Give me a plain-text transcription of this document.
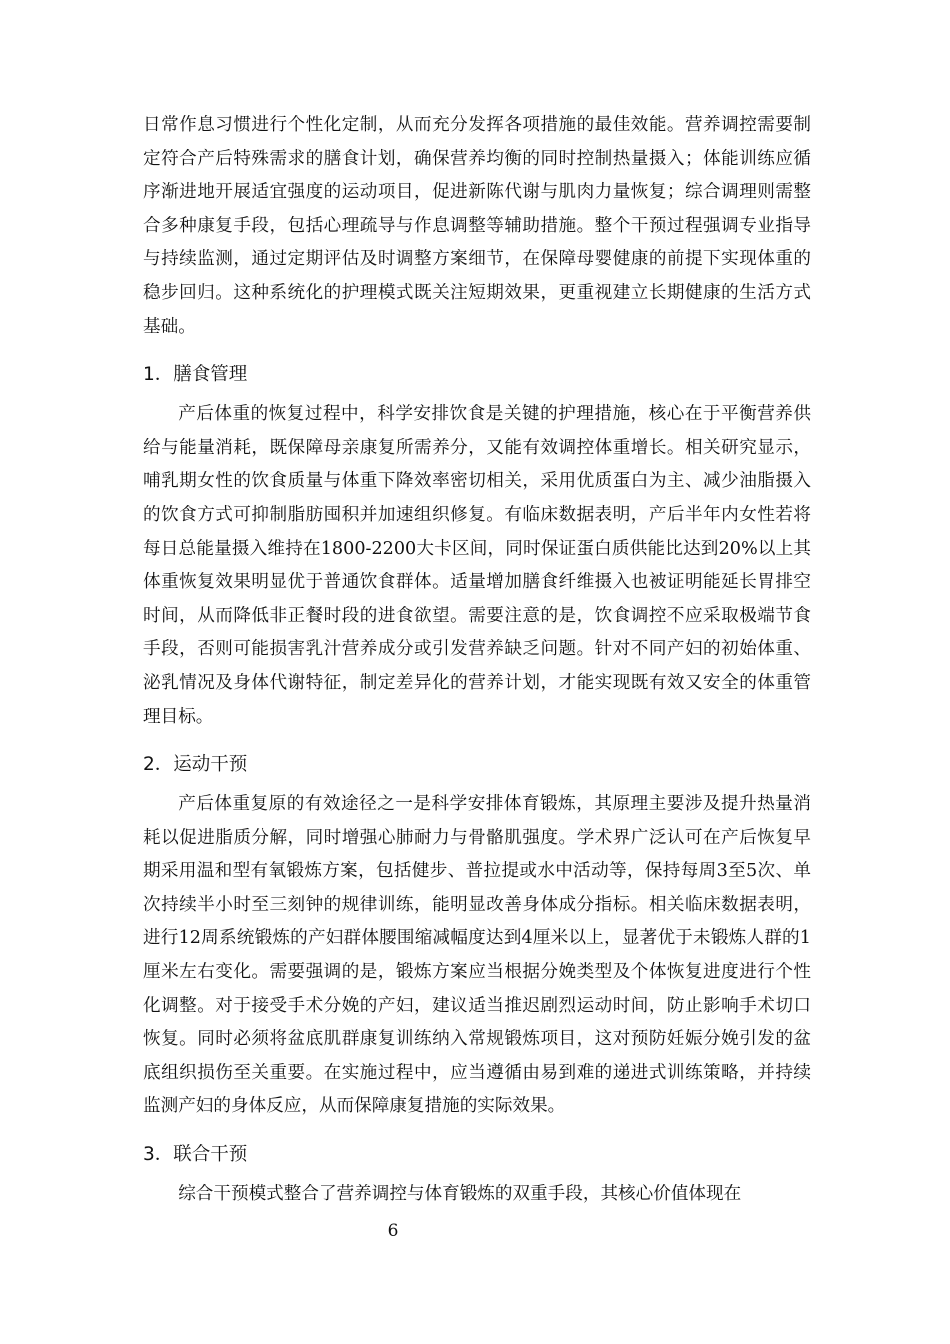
日常作息习惯进行个性化定制，从而充分发挥各项措施的最佳效能。营养调控需要制定符合产后特殊需求的膳食计划，确保营养均衡的同时控制热量摄入；体能训练应循序渐进地开展适宜强度的运动项目，促进新陈代谢与肌肉力量恢复；综合调理则需整合多种康复手段，包括心理疏导与作息调整等辅助措施。整个干预过程强调专业指导与持续监测，通过定期评估及时调整方案细节，在保障母婴健康的前提下实现体重的稳步回归。这种系统化的护理模式既关注短期效果，更重视建立长期健康的生活方式基础。

1．膳食管理

产后体重的恢复过程中，科学安排饮食是关键的护理措施，核心在于平衡营养供给与能量消耗，既保障母亲康复所需养分，又能有效调控体重增长。相关研究显示，哺乳期女性的饮食质量与体重下降效率密切相关，采用优质蛋白为主、减少油脂摄入的饮食方式可抑制脂肪囤积并加速组织修复。有临床数据表明，产后半年内女性若将每日总能量摄入维持在1800-2200大卡区间，同时保证蛋白质供能比达到20%以上其体重恢复效果明显优于普通饮食群体。适量增加膳食纤维摄入也被证明能延长胃排空时间，从而降低非正餐时段的进食欲望。需要注意的是，饮食调控不应采取极端节食手段，否则可能损害乳汁营养成分或引发营养缺乏问题。针对不同产妇的初始体重、泌乳情况及身体代谢特征，制定差异化的营养计划，才能实现既有效又安全的体重管理目标。

2．运动干预

产后体重复原的有效途径之一是科学安排体育锻炼，其原理主要涉及提升热量消耗以促进脂质分解，同时增强心肺耐力与骨骼肌强度。学术界广泛认可在产后恢复早期采用温和型有氧锻炼方案，包括健步、普拉提或水中活动等，保持每周3至5次、单次持续半小时至三刻钟的规律训练，能明显改善身体成分指标。相关临床数据表明，进行12周系统锻炼的产妇群体腰围缩减幅度达到4厘米以上，显著优于未锻炼人群的1厘米左右变化。需要强调的是，锻炼方案应当根据分娩类型及个体恢复进度进行个性化调整。对于接受手术分娩的产妇，建议适当推迟剧烈运动时间，防止影响手术切口恢复。同时必须将盆底肌群康复训练纳入常规锻炼项目，这对预防妊娠分娩引发的盆底组织损伤至关重要。在实施过程中，应当遵循由易到难的递进式训练策略，并持续监测产妇的身体反应，从而保障康复措施的实际效果。

3．联合干预

综合干预模式整合了营养调控与体育锻炼的双重手段，其核心价值体现在

6
